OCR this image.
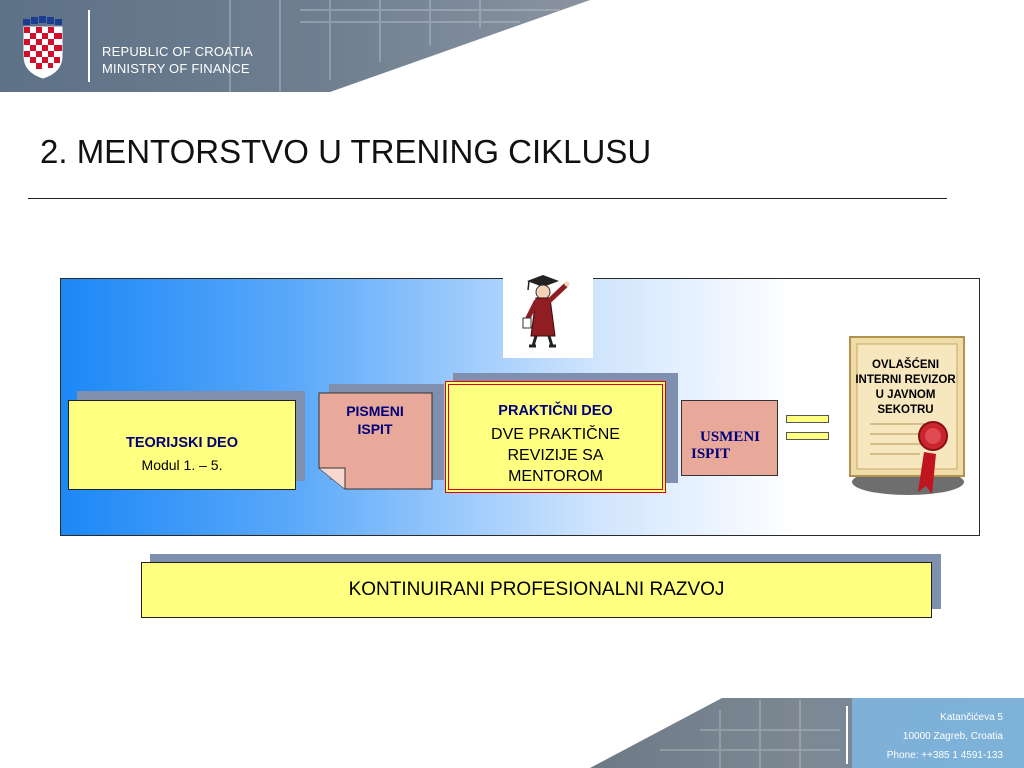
REPUBLIC OF CROATIA
MINISTRY OF FINANCE
2. MENTORSTVO U TRENING CIKLUSU
TEORIJSKI DEO
Modul 1. – 5.
PISMENI
ISPIT
PRAKTIČNI DEO
DVE PRAKTIČNE
REVIZIJE SA
MENTOROM
USMENI
ISPIT
OVLAŠĆENI
INTERNI REVIZOR
U JAVNOM
SEKOTRU
KONTINUIRANI PROFESIONALNI RAZVOJ
Katančićeva 5
10000 Zagreb, Croatia
Phone: ++385 1 4591-133
